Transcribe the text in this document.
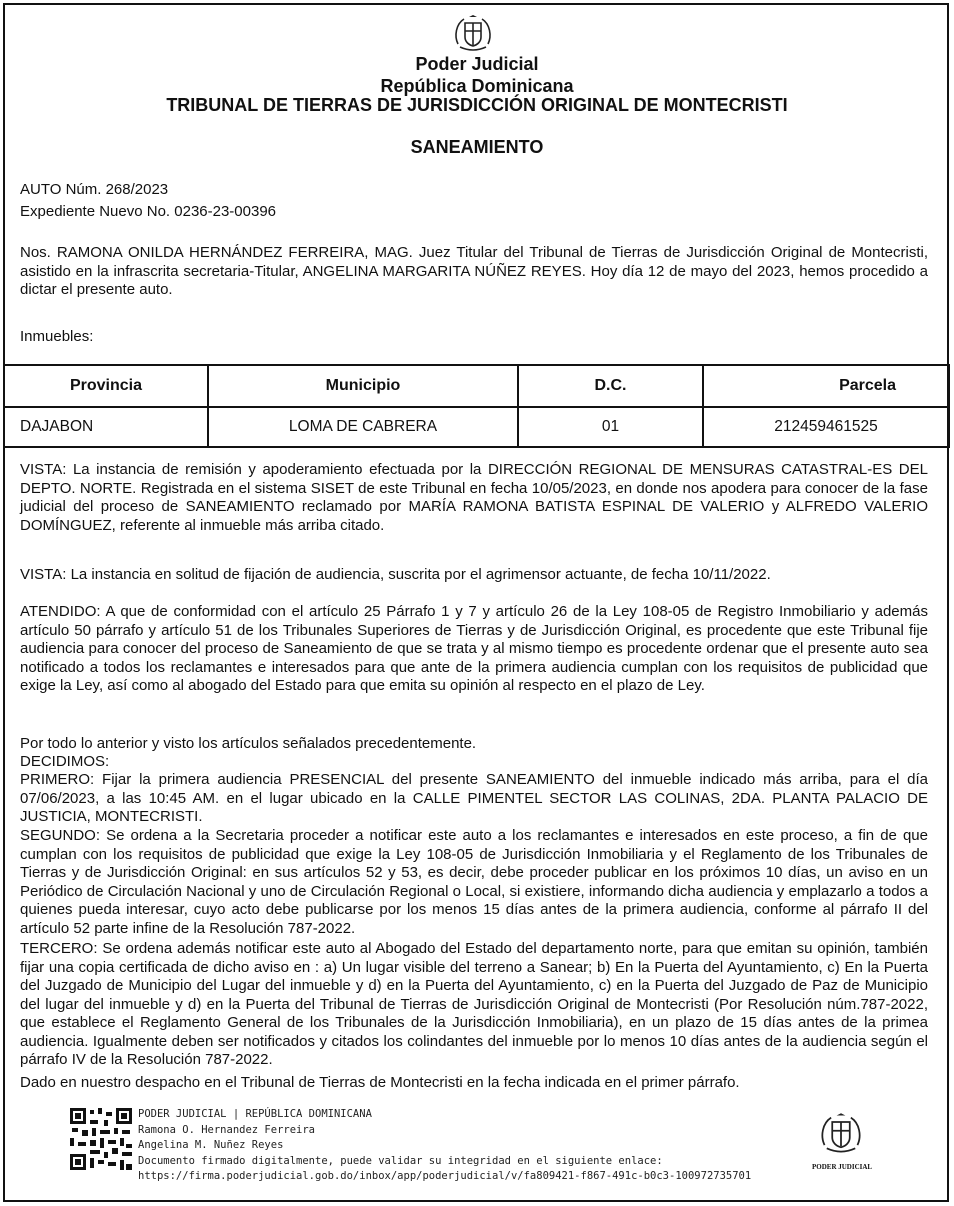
Poder Judicial
República Dominicana
TRIBUNAL DE TIERRAS DE JURISDICCIÓN ORIGINAL DE MONTECRISTI
SANEAMIENTO
AUTO Núm. 268/2023
Expediente Nuevo No. 0236-23-00396

Nos. RAMONA ONILDA HERNÁNDEZ FERREIRA, MAG. Juez Titular del Tribunal de Tierras de Jurisdicción Original de Montecristi, asistido en la infrascrita secretaria-Titular, ANGELINA MARGARITA NÚÑEZ REYES. Hoy día 12 de mayo del 2023, hemos procedido a dictar el presente auto.

Inmuebles:
Provincia	Municipio	D.C.	Parcela
DAJABON	LOMA DE CABRERA	01	212459461525

VISTA: La instancia de remisión y apoderamiento efectuada por la DIRECCIÓN REGIONAL DE MENSURAS CATASTRAL-ES DEL DEPTO. NORTE. Registrada en el sistema SISET de este Tribunal en fecha 10/05/2023, en donde nos apodera para conocer de la fase judicial del proceso de SANEAMIENTO reclamado por MARÍA RAMONA BATISTA ESPINAL DE VALERIO y ALFREDO VALERIO DOMÍNGUEZ, referente al inmueble más arriba citado.

VISTA: La instancia en solitud de fijación de audiencia, suscrita por el agrimensor actuante, de fecha 10/11/2022.

ATENDIDO: A que de conformidad con el artículo 25 Párrafo 1 y 7 y artículo 26 de la Ley 108-05 de Registro Inmobiliario y además artículo 50 párrafo y artículo 51 de los Tribunales Superiores de Tierras y de Jurisdicción Original, es procedente que este Tribunal fije audiencia para conocer del proceso de Saneamiento de que se trata y al mismo tiempo es procedente ordenar que el presente auto sea notificado a todos los reclamantes e interesados para que ante de la primera audiencia cumplan con los requisitos de publicidad que exige la Ley, así como al abogado del Estado para que emita su opinión al respecto en el plazo de Ley.

Por todo lo anterior y visto los artículos señalados precedentemente.
DECIDIMOS:

PRIMERO: Fijar la primera audiencia PRESENCIAL del presente SANEAMIENTO del inmueble indicado más arriba, para el día 07/06/2023, a las 10:45 AM. en el lugar ubicado en la CALLE PIMENTEL SECTOR LAS COLINAS, 2DA. PLANTA PALACIO DE JUSTICIA, MONTECRISTI.

SEGUNDO: Se ordena a la Secretaria proceder a notificar este auto a los reclamantes e interesados en este proceso, a fin de que cumplan con los requisitos de publicidad que exige la Ley 108-05 de Jurisdicción Inmobiliaria y el Reglamento de los Tribunales de Tierras y de Jurisdicción Original: en sus artículos 52 y 53, es decir, debe proceder publicar en los próximos 10 días, un aviso en un Periódico de Circulación Nacional y uno de Circulación Regional o Local, si existiere, informando dicha audiencia y emplazarlo a todos a quienes pueda interesar, cuyo acto debe publicarse por los menos 15 días antes de la primera audiencia, conforme al párrafo II del artículo 52 parte infine de la Resolución 787-2022.

TERCERO: Se ordena además notificar este auto al Abogado del Estado del departamento norte, para que emitan su opinión, también fijar una copia certificada de dicho aviso en : a) Un lugar visible del terreno a Sanear; b) En la Puerta del Ayuntamiento, c) En la Puerta del Juzgado de Municipio del Lugar del inmueble y d) en la Puerta del Ayuntamiento, c) en la Puerta del Juzgado de Paz de Municipio del lugar del inmueble y d) en la Puerta del Tribunal de Tierras de Jurisdicción Original de Montecristi (Por Resolución núm.787-2022, que establece el Reglamento General de los Tribunales de la Jurisdicción Inmobiliaria), en un plazo de 15 días antes de la primea audiencia. Igualmente deben ser notificados y citados los colindantes del inmueble por lo menos 10 días antes de la audiencia según el párrafo IV de la Resolución 787-2022.

Dado en nuestro despacho en el Tribunal de Tierras de Montecristi en la fecha indicada en el primer párrafo.
PODER JUDICIAL | REPÚBLICA DOMINICANA
Ramona O. Hernandez Ferreira
Angelina M. Nuñez Reyes
Documento firmado digitalmente, puede validar su integridad en el siguiente enlace:
https://firma.poderjudicial.gob.do/inbox/app/poderjudicial/v/fa809421-f867-491c-b0c3-100972735701
PODER JUDICIAL
